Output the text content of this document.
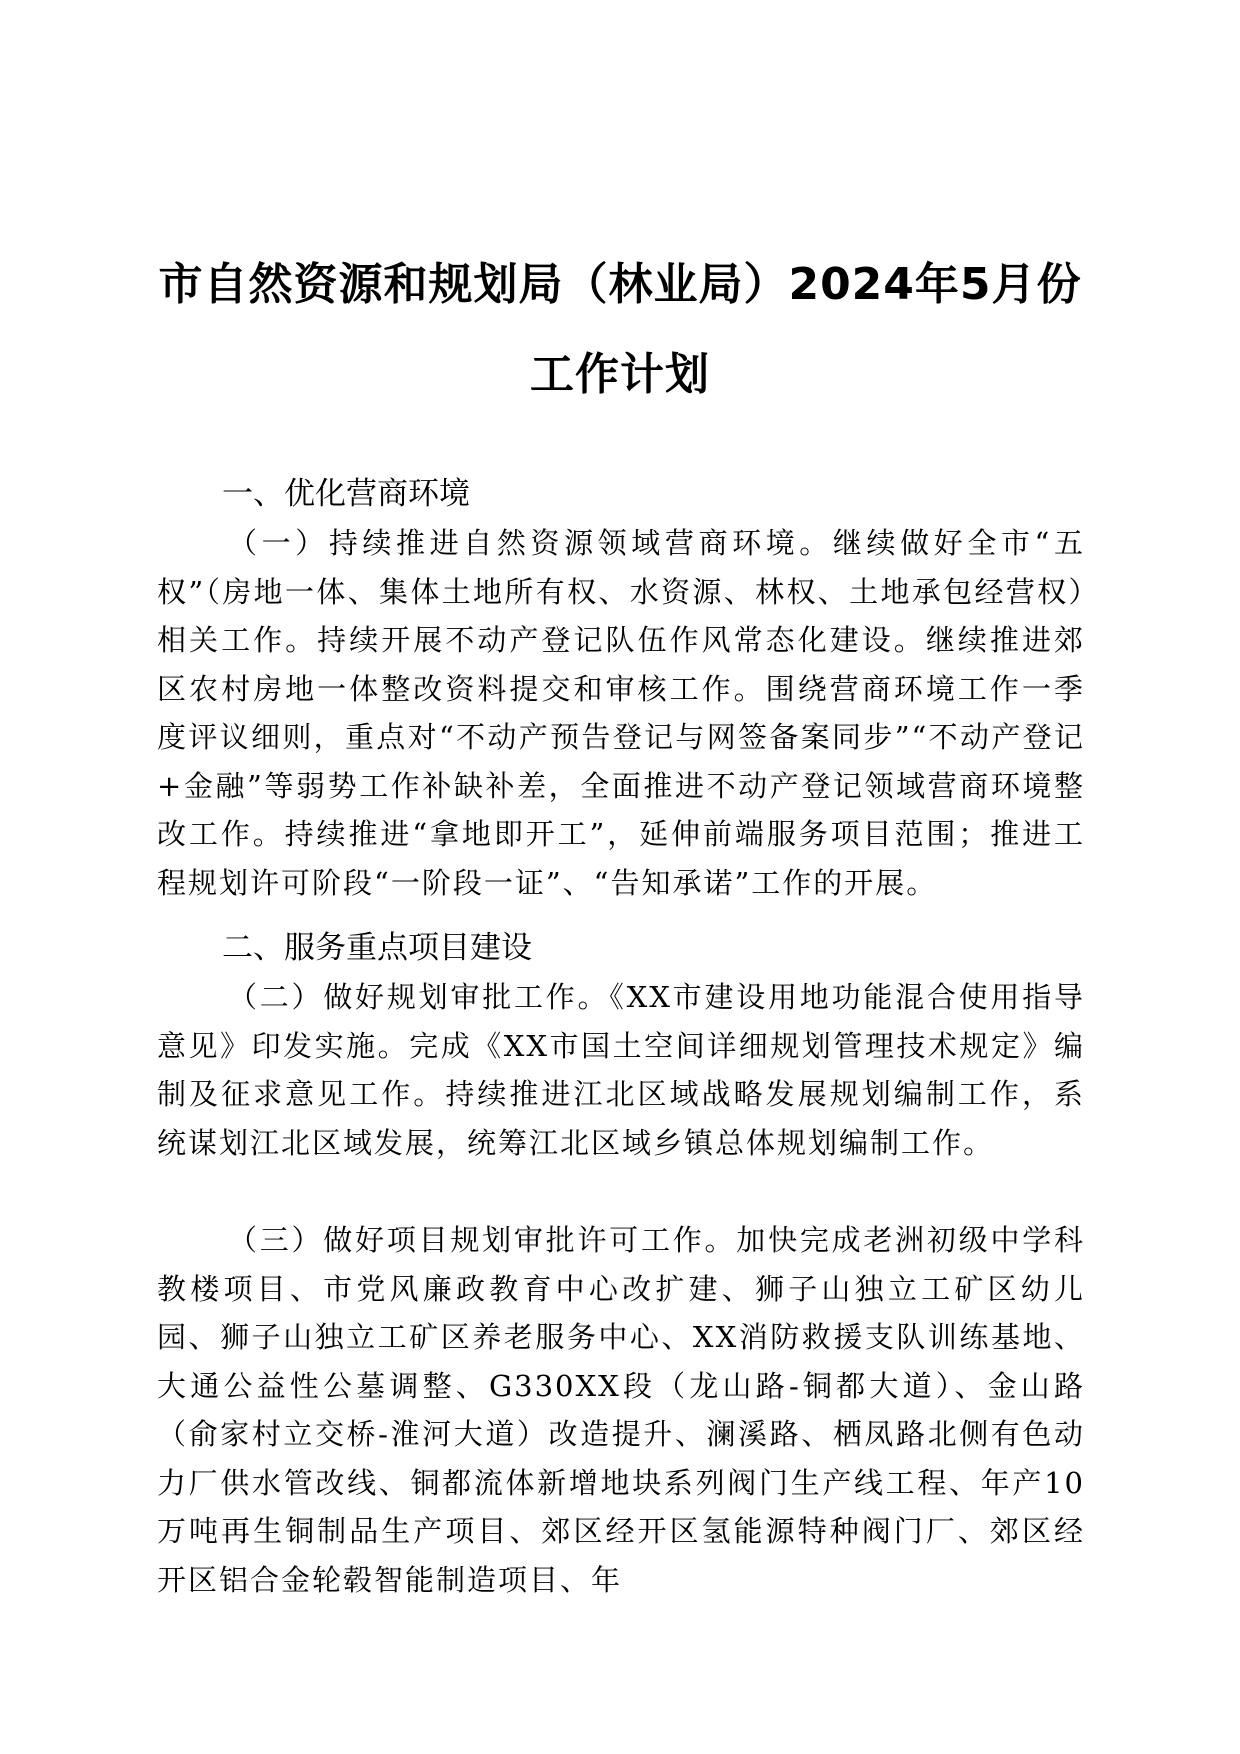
市自然资源和规划局（林业局）2024年5月份
工作计划
一、优化营商环境
（一）持续推进自然资源领域营商环境。继续做好全市“五权”（房地一体、集体土地所有权、水资源、林权、土地承包经营权）相关工作。持续开展不动产登记队伍作风常态化建设。继续推进郊区农村房地一体整改资料提交和审核工作。围绕营商环境工作一季度评议细则，重点对“不动产预告登记与网签备案同步”“不动产登记+金融”等弱势工作补缺补差，全面推进不动产登记领域营商环境整改工作。持续推进“拿地即开工”，延伸前端服务项目范围；推进工程规划许可阶段“一阶段一证”、“告知承诺”工作的开展。
二、服务重点项目建设
（二）做好规划审批工作。《XX市建设用地功能混合使用指导意见》印发实施。完成《XX市国土空间详细规划管理技术规定》编制及征求意见工作。持续推进江北区域战略发展规划编制工作，系统谋划江北区域发展，统筹江北区域乡镇总体规划编制工作。
（三）做好项目规划审批许可工作。加快完成老洲初级中学科教楼项目、市党风廉政教育中心改扩建、狮子山独立工矿区幼儿园、狮子山独立工矿区养老服务中心、XX消防救援支队训练基地、大通公益性公墓调整、G330XX段（龙山路-铜都大道）、金山路（俞家村立交桥-淮河大道）改造提升、澜溪路、栖凤路北侧有色动力厂供水管改线、铜都流体新增地块系列阀门生产线工程、年产10万吨再生铜制品生产项目、郊区经开区氢能源特种阀门厂、郊区经开区铝合金轮毂智能制造项目、年
